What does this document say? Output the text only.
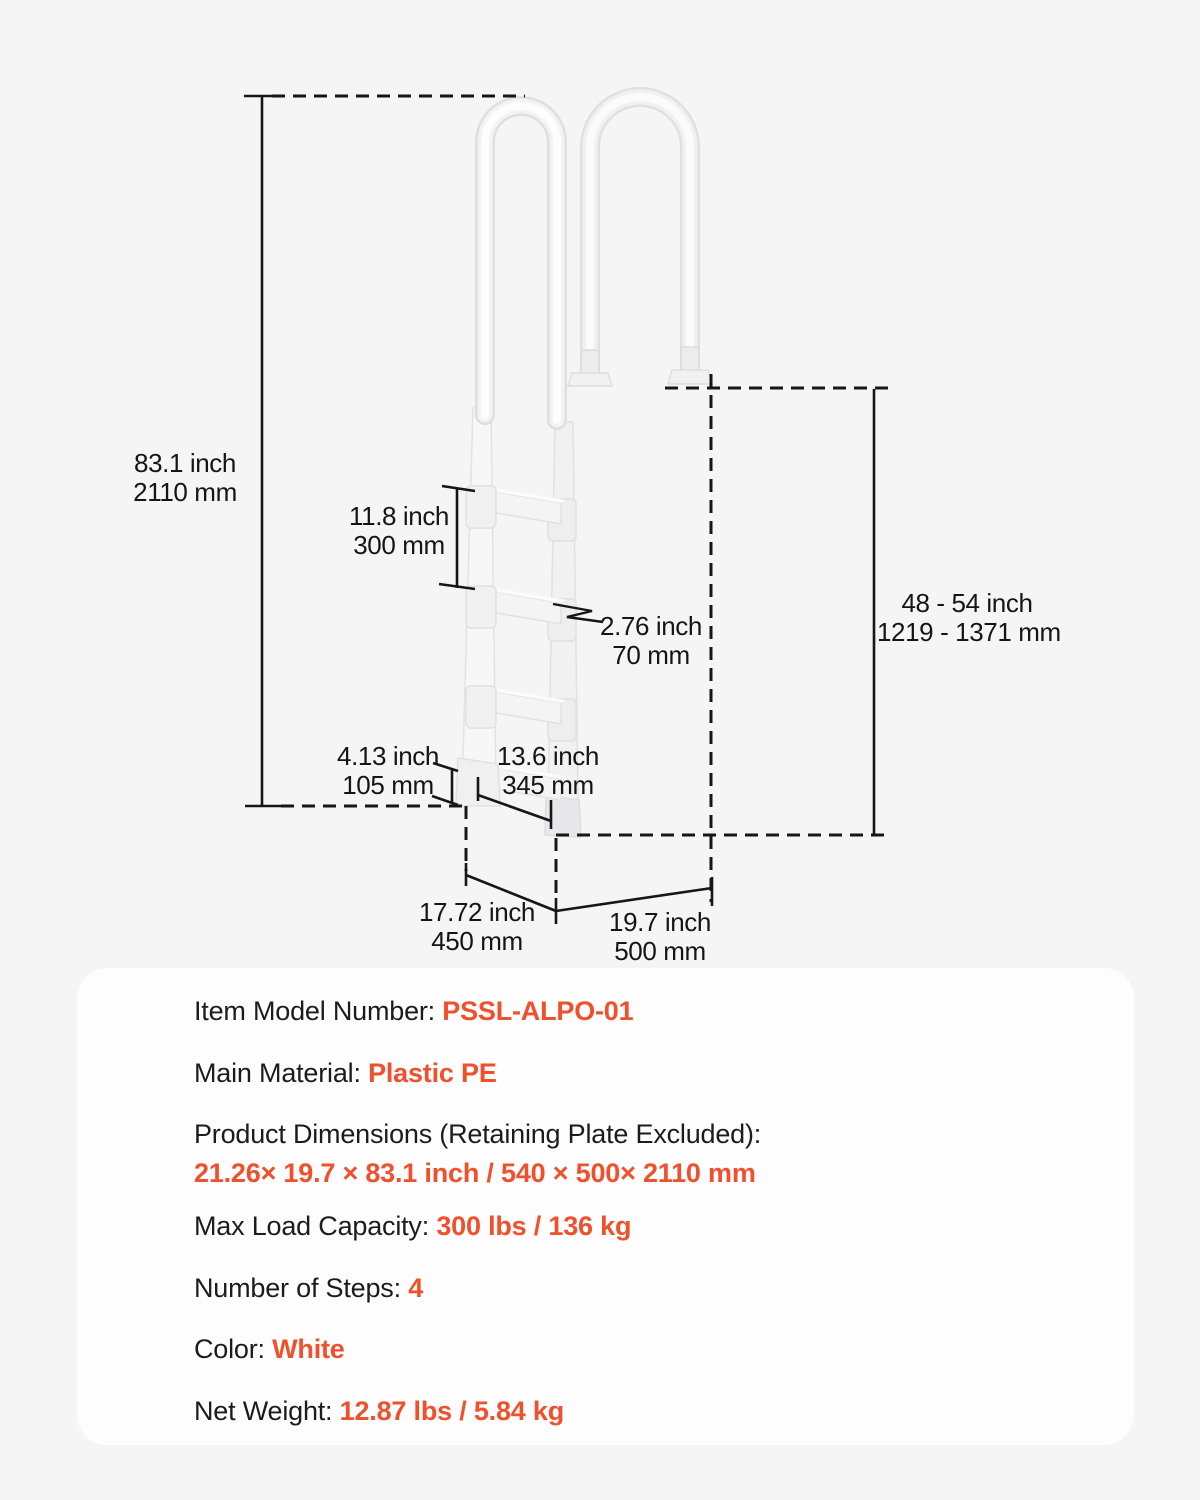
83.1 inch
2110 mm
11.8 inch
300 mm
2.76 inch
70 mm
48 - 54 inch
1219 - 1371 mm
4.13 inch
105 mm
13.6 inch
345 mm
17.72 inch
450 mm
19.7 inch
500 mm
Item Model Number: PSSL-ALPO-01
Main Material: Plastic PE
Product Dimensions (Retaining Plate Excluded):
21.26× 19.7 × 83.1 inch / 540 × 500× 2110 mm
Max Load Capacity: 300 lbs / 136 kg
Number of Steps: 4
Color: White
Net Weight: 12.87 lbs / 5.84 kg
